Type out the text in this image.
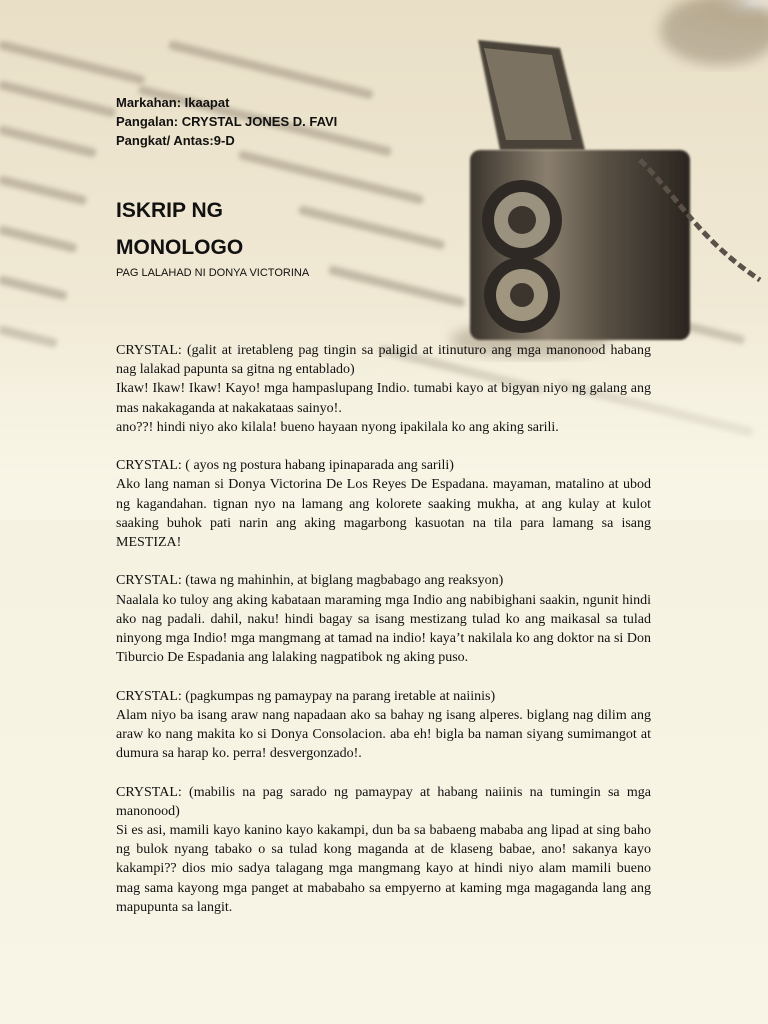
Markahan: Ikaapat
Pangalan: CRYSTAL JONES D. FAVI
Pangkat/ Antas:9-D
ISKRIP NG
MONOLOGO
PAG LALAHAD NI DONYA VICTORINA

CRYSTAL: (galit at iretableng pag tingin sa paligid at itinuturo ang mga manonood habang nag lalakad papunta sa gitna ng entablado)

Ikaw! Ikaw! Ikaw! Kayo! mga hampaslupang Indio. tumabi kayo at bigyan niyo ng galang ang mas nakakaganda at nakakataas sainyo!.

ano??! hindi niyo ako kilala! bueno hayaan nyong ipakilala ko ang aking sarili.

CRYSTAL: ( ayos ng postura habang ipinaparada ang sarili)

Ako lang naman si Donya Victorina De Los Reyes De Espadana. mayaman, matalino at ubod ng kagandahan. tignan nyo na lamang ang kolorete saaking mukha, at ang kulay at kulot saaking buhok pati narin ang aking magarbong kasuotan na tila para lamang sa isang MESTIZA!

CRYSTAL: (tawa ng mahinhin, at biglang magbabago ang reaksyon)

Naalala ko tuloy ang aking kabataan maraming mga Indio ang nabibighani saakin, ngunit hindi ako nag padali. dahil, naku! hindi bagay sa isang mestizang tulad ko ang maikasal sa tulad ninyong mga Indio! mga mangmang at tamad na indio! kaya’t nakilala ko ang doktor na si Don Tiburcio De Espadania ang lalaking nagpatibok ng aking puso.

CRYSTAL: (pagkumpas ng pamaypay na parang iretable at naiinis)

Alam niyo ba isang araw nang napadaan ako sa bahay ng isang alperes. biglang nag dilim ang araw ko nang makita ko si Donya Consolacion. aba eh! bigla ba naman siyang sumimangot at dumura sa harap ko. perra! desvergonzado!.

CRYSTAL: (mabilis na pag sarado ng pamaypay at habang naiinis na tumingin sa mga manonood)

Si es asi, mamili kayo kanino kayo kakampi, dun ba sa babaeng mababa ang lipad at sing baho ng bulok nyang tabako o sa tulad kong maganda at de klaseng babae, ano! sakanya kayo kakampi?? dios mio sadya talagang mga mangmang kayo at hindi niyo alam mamili bueno mag sama kayong mga panget at mababaho sa empyerno at kaming mga magaganda lang ang mapupunta sa langit.
